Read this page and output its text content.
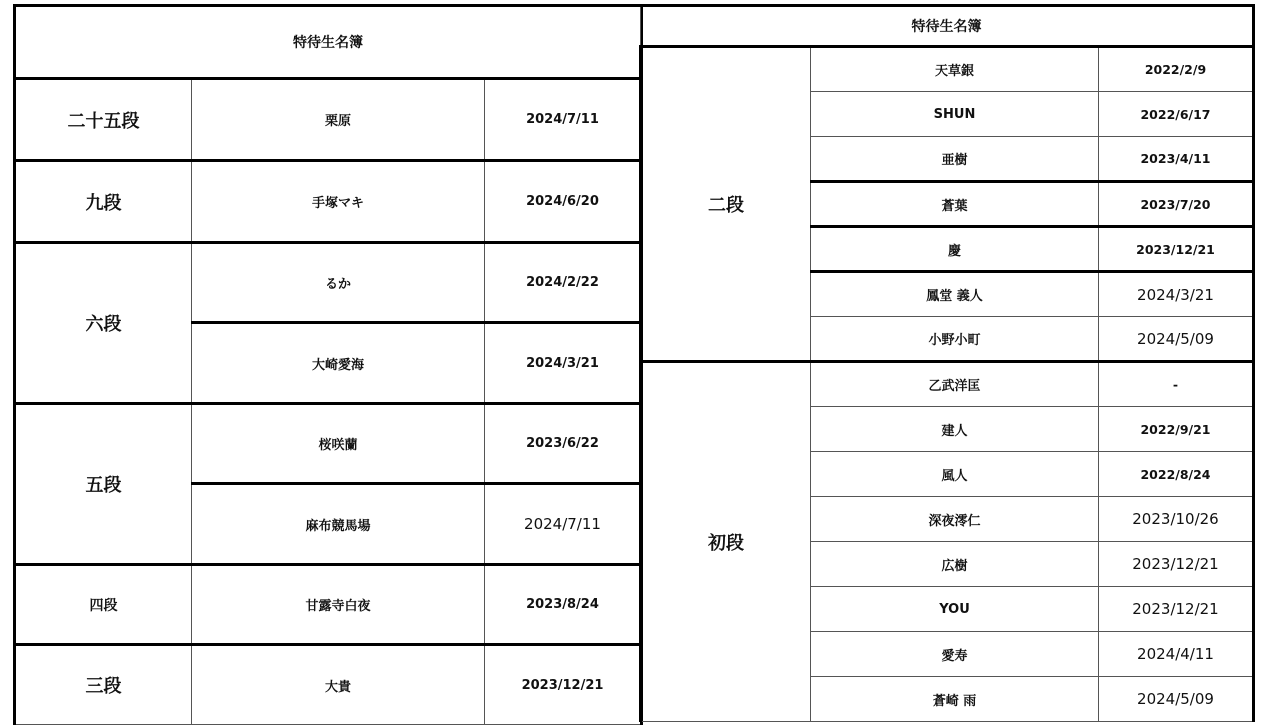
特待生名簿		
二十五段	栗原	2024/7/11
九段	手塚マキ	2024/6/20
六段	るか	2024/2/22
	大崎愛海	2024/3/21
五段	桜咲蘭	2023/6/22
	麻布競馬場	2024/7/11
四段	甘露寺白夜	2023/8/24
三段	大貴	2023/12/21
特待生名簿		
二段	天草銀	2022/2/9
	SHUN	2022/6/17
	亜樹	2023/4/11
	蒼葉	2023/7/20
	慶	2023/12/21
	鳳堂 義人	2024/3/21
	小野小町	2024/5/09
初段	乙武洋匡	-
	建人	2022/9/21
	風人	2022/8/24
	深夜澪仁	2023/10/26
	広樹	2023/12/21
	YOU	2023/12/21
	愛寿	2024/4/11
	蒼崎 雨	2024/5/09
